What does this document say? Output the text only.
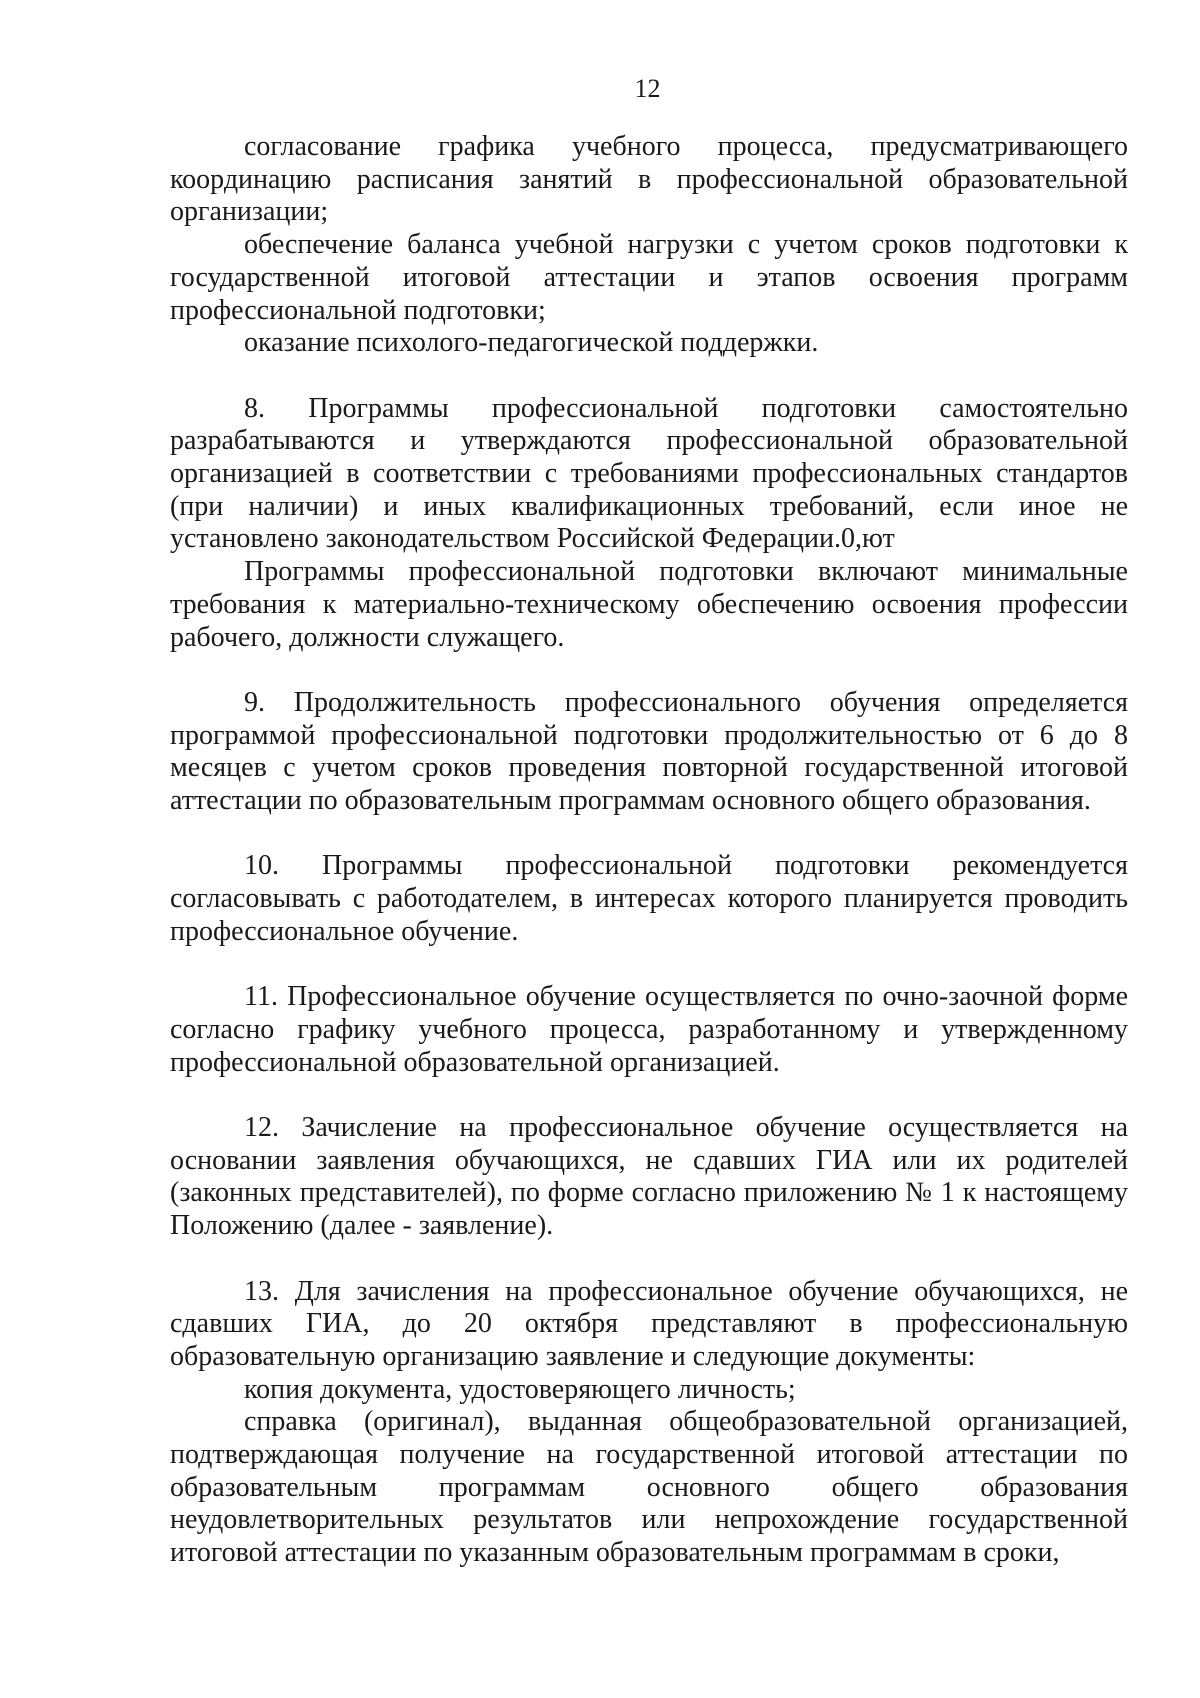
12

согласование графика учебного процесса, предусматривающего координацию расписания занятий в профессиональной образовательной организации;

обеспечение баланса учебной нагрузки с учетом сроков подготовки к государственной итоговой аттестации и этапов освоения программ профессиональной подготовки;

оказание психолого-педагогической поддержки.

8. Программы профессиональной подготовки самостоятельно разрабатываются и утверждаются профессиональной образовательной организацией в соответствии с требованиями профессиональных стандартов (при наличии) и иных квалификационных требований, если иное не установлено законодательством Российской Федерации.0,ют

Программы профессиональной подготовки включают минимальные требования к материально-техническому обеспечению освоения профессии рабочего, должности служащего.

9. Продолжительность профессионального обучения определяется программой профессиональной подготовки продолжительностью от 6 до 8 месяцев с учетом сроков проведения повторной государственной итоговой аттестации по образовательным программам основного общего образования.

10. Программы профессиональной подготовки рекомендуется согласовывать с работодателем, в интересах которого планируется проводить профессиональное обучение.

11. Профессиональное обучение осуществляется по очно-заочной форме согласно графику учебного процесса, разработанному и утвержденному профессиональной образовательной организацией.

12. Зачисление на профессиональное обучение осуществляется на основании заявления обучающихся, не сдавших ГИА или их родителей (законных представителей), по форме согласно приложению № 1 к настоящему Положению (далее - заявление).

13. Для зачисления на профессиональное обучение обучающихся, не сдавших ГИА, до 20 октября представляют в профессиональную образовательную организацию заявление и следующие документы:

копия документа, удостоверяющего личность;

справка (оригинал), выданная общеобразовательной организацией, подтверждающая получение на государственной итоговой аттестации по образовательным программам основного общего образования неудовлетворительных результатов или непрохождение государственной итоговой аттестации по указанным образовательным программам в сроки,
